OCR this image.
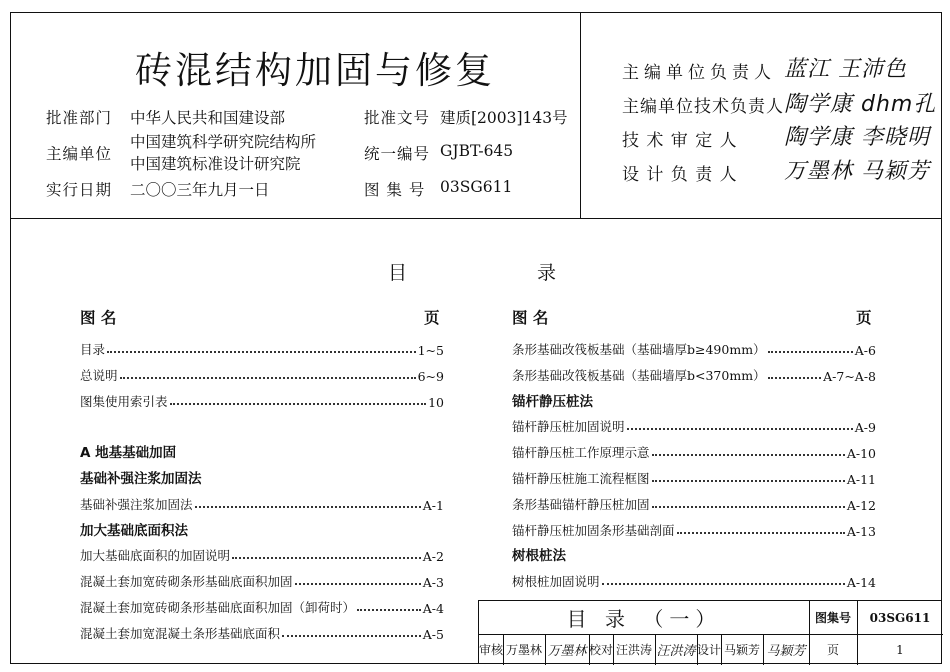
砖混结构加固与修复
批准部门 中华人民共和国建设部
主编单位
中国建筑科学研究院结构所
中国建筑标准设计研究院
实行日期 二〇〇三年九月一日
批准文号 建质[2003]143号
统一编号 GJBT-645
图 集 号 03SG611
主编单位负责人 蓝江 王沛色
主编单位技术负责人 陶学康 dhm孔
技 术 审 定 人 陶学康 李晓明
设 计 负 责 人 万墨林 马颖芳
目	录
图 名	页	图 名	页
目录	1~5
总说明	6~9
图集使用索引表	10
A 地基基础加固
基础补强注浆加固法
基础补强注浆加固法	A-1
加大基础底面积法
加大基础底面积的加固说明	A-2
混凝土套加宽砖砌条形基础底面积加固	A-3
混凝土套加宽砖砌条形基础底面积加固（卸荷时）	A-4
混凝土套加宽混凝土条形基础底面积	A-5
条形基础改筏板基础（基础墙厚b≥490mm）	A-6
条形基础改筏板基础（基础墙厚b<370mm）	A-7~A-8
锚杆静压桩法
锚杆静压桩加固说明	A-9
锚杆静压桩工作原理示意	A-10
锚杆静压桩施工流程框图	A-11
条形基础锚杆静压桩加固	A-12
锚杆静压桩加固条形基础剖面	A-13
树根桩法
树根桩加固说明	A-14
目 录 （一）	图集号	03SG611
审核 万墨林 万墨林 校对 汪洪涛 汪洪涛 设计 马颖芳 马颖芳	页	1
